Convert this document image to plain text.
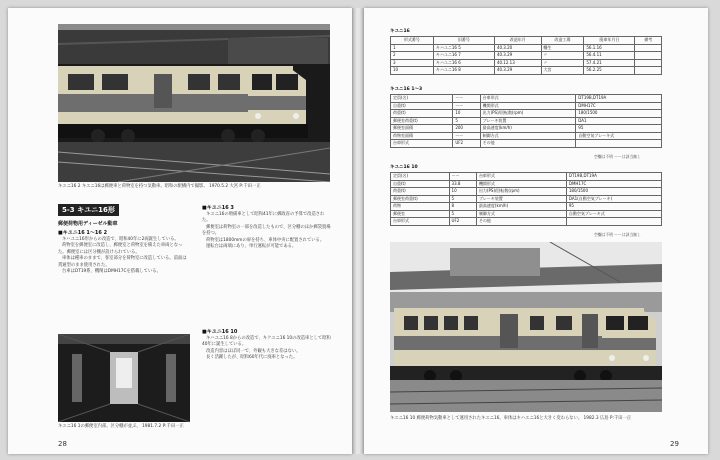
キユニ16 2 キユニ16は郵便車と荷物室を持つ気動車。昭和の駅構内で撮影。 1970.5.2 大宮 P:千田一正
5-3 キユニ16形
郵便荷物用ディーゼル動車
■キユニ16 1～16 2

キハユニ16形からの改造で、昭和40年に2両誕生している。

荷物室を郵便室に改造し、郵便室と荷物室を備えた車両となった。郵便室には区分棚が設けられている。

車体は種車のままで、客室部分を荷物室に改造している。前面は貫通型のまま使用された。

台車はDT19系、機関はDMH17Cを搭載している。

キユニ16 1の郵便室内部。区分棚が並ぶ。 1981.7.2 P:千田一正
■キユニ16 3

キユニ16の増備車として昭和41年に郵政省の予算で改造された。

郵便室は荷物室の一部を改造したもので、区分棚のほか郵袋置場を持つ。

荷物室は1800mmの扉を持ち、車体中央に配置されている。

運転台は両端にあり、単行運転が可能である。

■キユニ16 10

キハユニ16 8からの改造で、キクユニ16 10の改造車として昭和40年に誕生している。

改造内容はほぼ同一で、外観も大きな差はない。

長く活躍したが、昭和60年代に廃車となった。

28
キユニ16
形式番号	旧番号	改造年月	改造工場	廃車年月日	備考
1	キハユニ16 5	40.3.20	幡生	56.1.16	
2	キハユニ16 7	40.3.29	〃	56.4.11	
3	キハユニ16 6	40.12.13	〃	57.4.21	
10	キハユニ16 8	40.3.29	大宮	56.2.25	
キユニ16 1～3
定員(名)	ーー	台車形式	DT19B,DT19A
自重(t)	ーー	機関形式	DMH17C
荷重(t)	10	出力(PS)/回転数(rpm)	180/1500
郵便室荷重(t)	5	ブレーキ装置	DA1
郵便室面積	200	最高速度(km/h)	95
荷物室面積	ーー	制御方式	自動空気ブレーキ式
台車形式	UF2	その他	
空欄は不明 ーーは該当無し
キユニ16 10
定員(名)	ーー	台車形式	DT19B,DT19A
自重(t)	33.8	機関形式	DMH17C
荷重(t)	10	出力(PS)/回転数(rpm)	180/1500
郵便室荷重(t)	5	ブレーキ装置	DA1(自動空気ブレーキ)
荷物	8	最高速度(km/h)	95
郵便室	5	制御方式	自動空気ブレーキ式
台車形式	UF2	その他	
空欄は不明 ーーは該当無し
キユニ16 10 郵便荷物気動車として運用されたキユニ16。車体はキハユニ16と大きく変わらない。 1982.3 広島 P:千田一正
29
